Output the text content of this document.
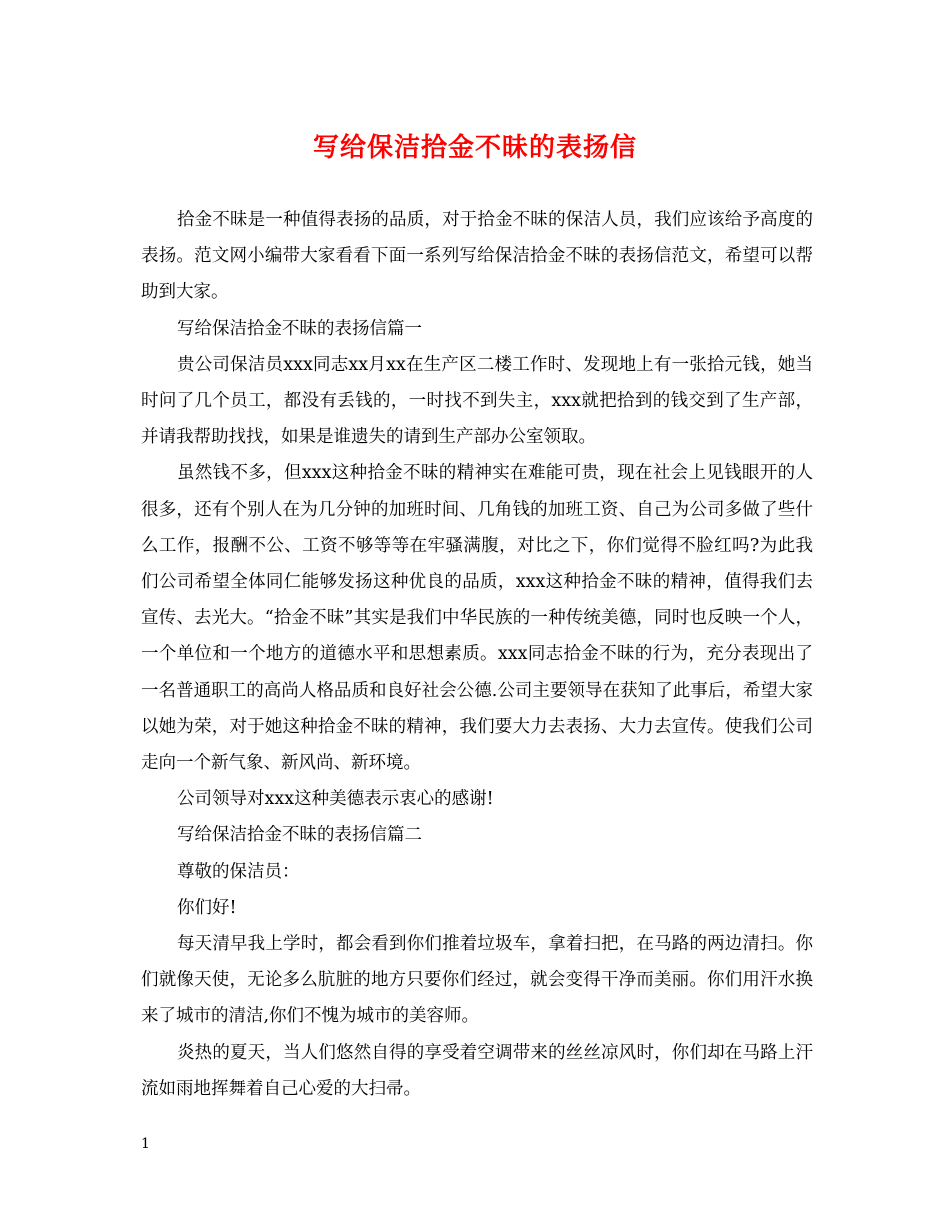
写给保洁拾金不昧的表扬信

拾金不昧是一种值得表扬的品质，对于拾金不昧的保洁人员，我们应该给予高度的表扬。范文网小编带大家看看下面一系列写给保洁拾金不昧的表扬信范文，希望可以帮助到大家。

写给保洁拾金不昧的表扬信篇一

贵公司保洁员xxx同志xx月xx在生产区二楼工作时、发现地上有一张拾元钱，她当时问了几个员工，都没有丢钱的，一时找不到失主，xxx就把拾到的钱交到了生产部，并请我帮助找找，如果是谁遗失的请到生产部办公室领取。

虽然钱不多，但xxx这种拾金不昧的精神实在难能可贵，现在社会上见钱眼开的人很多，还有个别人在为几分钟的加班时间、几角钱的加班工资、自己为公司多做了些什么工作，报酬不公、工资不够等等在牢骚满腹，对比之下，你们觉得不脸红吗?为此我们公司希望全体同仁能够发扬这种优良的品质，xxx这种拾金不昧的精神，值得我们去宣传、去光大。“拾金不昧”其实是我们中华民族的一种传统美德，同时也反映一个人，一个单位和一个地方的道德水平和思想素质。xxx同志拾金不昧的行为，充分表现出了一名普通职工的高尚人格品质和良好社会公德.公司主要领导在获知了此事后，希望大家以她为荣，对于她这种拾金不昧的精神，我们要大力去表扬、大力去宣传。使我们公司走向一个新气象、新风尚、新环境。

公司领导对xxx这种美德表示衷心的感谢!

写给保洁拾金不昧的表扬信篇二

尊敬的保洁员：

你们好!

每天清早我上学时，都会看到你们推着垃圾车，拿着扫把，在马路的两边清扫。你们就像天使，无论多么肮脏的地方只要你们经过，就会变得干净而美丽。你们用汗水换来了城市的清洁,你们不愧为城市的美容师。

炎热的夏天，当人们悠然自得的享受着空调带来的丝丝凉风时，你们却在马路上汗流如雨地挥舞着自己心爱的大扫帚。

1
